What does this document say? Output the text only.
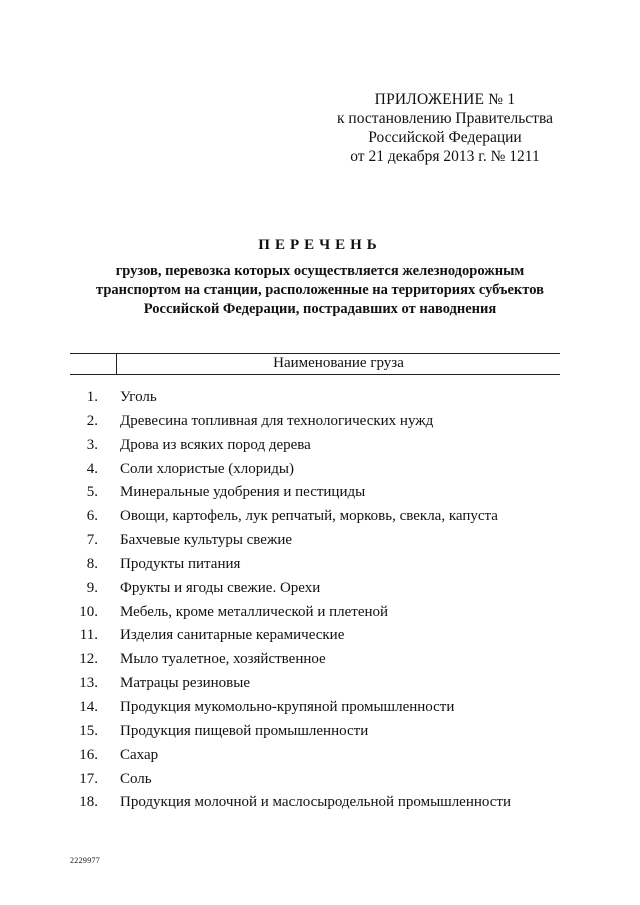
ПРИЛОЖЕНИЕ № 1
к постановлению Правительства
Российской Федерации
от 21 декабря 2013 г. № 1211
ПЕРЕЧЕНЬ
грузов, перевозка которых осуществляется железнодорожным
транспортом на станции, расположенные на территориях субъектов
Российской Федерации, пострадавших от наводнения
Наименование груза
1. Уголь
2. Древесина топливная для технологических нужд
3. Дрова из всяких пород дерева
4. Соли хлористые (хлориды)
5. Минеральные удобрения и пестициды
6. Овощи, картофель, лук репчатый, морковь, свекла, капуста
7. Бахчевые культуры свежие
8. Продукты питания
9. Фрукты и ягоды свежие. Орехи
10. Мебель, кроме металлической и плетеной
11. Изделия санитарные керамические
12. Мыло туалетное, хозяйственное
13. Матрацы резиновые
14. Продукция мукомольно-крупяной промышленности
15. Продукция пищевой промышленности
16. Сахар
17. Соль
18. Продукция молочной и маслосыродельной промышленности
2229977
